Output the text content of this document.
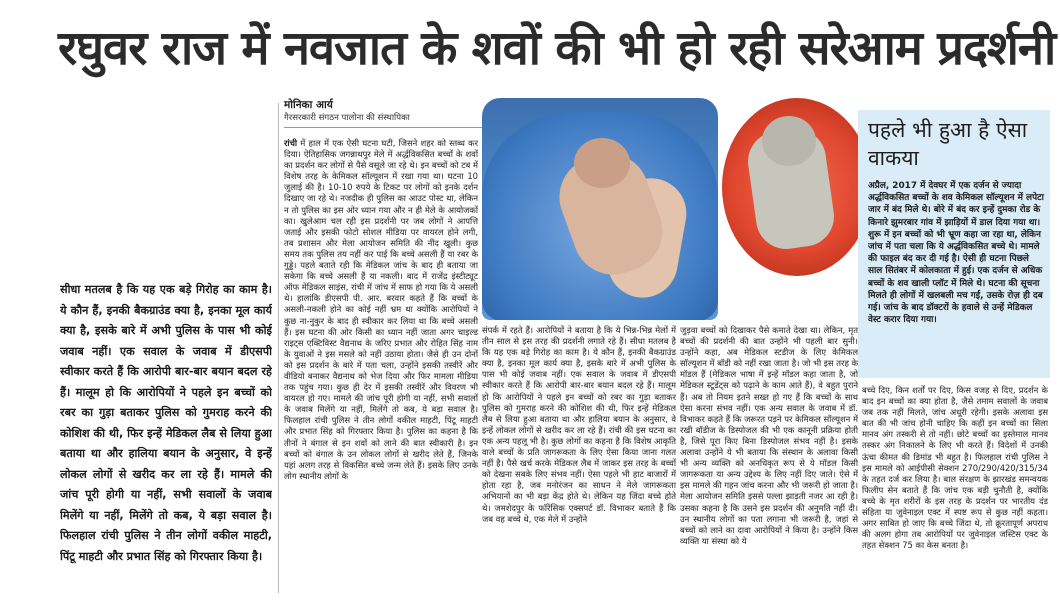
रघुवर राज में नवजात के शवों की भी हो रही सरेआम प्रदर्शनी
सीधा मतलब है कि यह एक बड़े गिरोह का काम है। ये कौन हैं, इनकी बैकग्राउंड क्या है, इनका मूल कार्य क्या है, इसके बारे में अभी पुलिस के पास भी कोई जवाब नहीं। एक सवाल के जवाब में डीएसपी स्वीकार करते हैं कि आरोपी बार-बार बयान बदल रहे हैं। मालूम हो कि आरोपियों ने पहले इन बच्चों को रबर का गुड़ा बताकर पुलिस को गुमराह करने की कोशिश की थी, फिर इन्हें मेडिकल लैब से लिया हुआ बताया था और हालिया बयान के अनुसार, वे इन्हें लोकल लोगों से खरीद कर ला रहे हैं। मामले की जांच पूरी होगी या नहीं, सभी सवालों के जवाब मिलेंगे या नहीं, मिलेंगे तो कब, ये बड़ा सवाल है। फिलहाल रांची पुलिस ने तीन लोगों वकील माहटी, पिंटू माहटी और प्रभात सिंह को गिरफ्तार किया है।
मोनिका आर्य
गैरसरकारी संगठन पालोना की संस्थापिका
रांची में हाल में एक ऐसी घटना घटी, जिसने शहर को स्तब्ध कर दिया। ऐतिहासिक जगन्नाथपुर मेले में अर्द्धविकसित बच्चों के शवों का प्रदर्शन कर लोगों से पैसे वसूले जा रहे थे। इन बच्चों को टब में विशेष तरह के केमिकल सॉल्यूशन में रखा गया था। घटना 10 जुलाई की है। 10-10 रुपये के टिकट पर लोगों को इनके दर्शन दिखाए जा रहे थे। नजदीक ही पुलिस का आउट पोस्ट था, लेकिन न तो पुलिस का इस ओर ध्यान गया और न ही मेले के आयोजकों का। खुलेआम चल रही इस प्रदर्शनी पर जब लोगों ने आपत्ति जताई और इसकी फोटो सोशल मीडिया पर वायरल होने लगी, तब प्रशासन और मेला आयोजन समिति की नींद खुली। कुछ समय तक पुलिस तय नहीं कर पाई कि बच्चे असली हैं या रबर के गुड्डे। पहले बताते रही कि मेडिकल जांच के बाद ही बताया जा सकेगा कि बच्चे असली हैं या नकली। बाद में राजेंद्र इंस्टीट्यूट ऑफ मेडिकल साइंस, रांची में जांच में साफ हो गया कि ये असली थे। हालांकि डीएसपी पी. आर. बरवार कहते हैं कि बच्चों के असली-नकली होने का कोई नहीं भ्रम था क्योंकि आरोपियों ने कुछ ना-नुकुर के बाद ही स्वीकार कर लिया था कि बच्चे असली हैं। इस घटना की ओर किसी का ध्यान नहीं जाता अगर चाइल्ड राइट्स एक्टिविस्ट वैद्यनाथ के जरिए प्रभात और रोहित सिंह नाम के युवाओं ने इस मसले को नहीं उठाया होता। जैसे ही उन दोनों को इस प्रदर्शन के बारे में पता चला, उन्होंने इसकी तस्वीरें और वीडियो बनाकर वैद्यनाथ को भेज दिया और फिर मामला मीडिया तक पहुंच गया। कुछ ही देर में इसकी तस्वीरें और विवरण भी वायरल हो गए। मामले की जांच पूरी होगी या नहीं, सभी सवालों के जवाब मिलेंगे या नहीं, मिलेंगे तो कब, ये बड़ा सवाल है। फिलहाल रांची पुलिस ने तीन लोगों वकील माहटी, पिंटू माहटी और प्रभात सिंह को गिरफ्तार किया है। पुलिस का कहना है कि तीनों ने बंगाल से इन शवों को लाने की बात स्वीकारी है। इन बच्चों को बंगाल के उन लोकल लोगों से खरीद लेते हैं, जिनके यहां अलग तरह से विकसित बच्चे जन्म लेते हैं। इसके लिए उनके लोग स्थानीय लोगों के
पहले भी हुआ है ऐसा वाकया
अप्रैल, 2017 में देवघर में एक दर्जन से ज्यादा अर्द्धविकसित बच्चों के शव केमिकल सॉल्यूशन में लपेटा जार में बंद मिले थे। बोरे में बंद कर इन्हें दुमका रोड के किनारे झुमरबार गांव में झाड़ियों में डाल दिया गया था। शुरू में इन बच्चों को भी भ्रूण कहा जा रहा था, लेकिन जांच में पता चला कि ये अर्द्धविकसित बच्चे थे। मामले की फाइल बंद कर दी गई है। ऐसी ही घटना पिछले साल सितंबर में कोलकाता में हुई। एक दर्जन से अधिक बच्चों के शव खाली प्लॉट में मिले थे। घटना की सूचना मिलते ही लोगों में खलबली मच गई, उसके रोज़ ही दब गई। जांच के बाद डॉक्टरों के हवाले से उन्हें मेडिकल वेस्ट करार दिया गया।
संपर्क में रहते हैं। आरोपियों ने बताया है कि ये भिन्न-भिन्न मेलों में तीन साल से इस तरह की प्रदर्शनी लगाते रहे हैं। सीधा मतलब है कि यह एक बड़े गिरोह का काम है। ये कौन हैं, इनकी बैकग्राउंड क्या है, इनका मूल कार्य क्या है, इसके बारे में अभी पुलिस के पास भी कोई जवाब नहीं। एक सवाल के जवाब में डीएसपी स्वीकार करते हैं कि आरोपी बार-बार बयान बदल रहे हैं। मालूम हो कि आरोपियों ने पहले इन बच्चों को रबर का गुड़ा बताकर पुलिस को गुमराह करने की कोशिश की थी, फिर इन्हें मेडिकल लैब से लिया हुआ बताया था और हालिया बयान के अनुसार, वे इन्हें लोकल लोगों से खरीद कर ला रहे हैं। रांची की इस घटना का एक अन्य पहलू भी है। कुछ लोगों का कहना है कि विशेष आकृति वाले बच्चों के प्रति जागरूकता के लिए ऐसा किया जाना गलत नहीं है। पैसे खर्च करके मेडिकल लैब में जाकर इस तरह के बच्चों को देखना सबके लिए संभव नहीं। ऐसा पहले भी हाट बाजारों में होता रहा है, जब मनोरंजन का साधन ने मेले जागरूकता अभियानों का भी बड़ा केंद्र होते थे। लेकिन यह जिंदा बच्चे होते थे। जमशेदपुर के फॉरेंसिक एक्सपर्ट डॉ. विभाकर बताते हैं कि जब वह बच्चे थे, एक मेले में उन्होंने
जुड़वा बच्चों को दिखाकर पैसे कमाते देखा था। लेकिन, मृत बच्चों की प्रदर्शनी की बात उन्होंने भी पहली बार सुनी। उन्होंने कहा, अब मेडिकल स्टडीज के लिए केमिकल सॉल्यूशन में बॉडी को नहीं रखा जाता है। जो भी इस तरह के मॉडल हैं (मेडिकल भाषा में इन्हें मॉडल कहा जाता है, जो मेडिकल स्टूडेंट्स को पढ़ाने के काम आते हैं), वे बहुत पुराने हैं। अब तो नियम इतने सख्त हो गए हैं कि बच्चों के साथ ऐसा करना संभव नहीं। एक अन्य सवाल के जवाब में डॉ. विभाकर कहते हैं कि जरूरत पड़ने पर केमिकल सॉल्यूशन में रखी बॉडीज के डिस्पोजल की भी एक कानूनी प्रक्रिया होती है, जिसे पूरा किए बिना डिस्पोजल संभव नहीं है। इसके अलावा उन्होंने ये भी बताया कि संस्थान के अलावा किसी भी अन्य व्यक्ति को अनधिकृत रूप से ये मॉडल किसी जागरूकता या अन्य उद्देश्य के लिए नहीं दिए जाते। ऐसे में इस मामले की गहन जांच करना और भी जरूरी हो जाता है। मेला आयोजन समिति इससे पल्ला झाड़ती नजर आ रही है। उसका कहना है कि उसने इस प्रदर्शन की अनुमति नहीं दी। उन स्थानीय लोगों का पता लगाना भी जरूरी है, जहां से बच्चों को लाने का दावा आरोपियों ने किया है। उन्होंने किस व्यक्ति या संस्था को ये
बच्चे दिए, किन शर्तों पर दिए, किस वजह से दिए, प्रदर्शन के बाद इन बच्चों का क्या होता है, जैसे तमाम सवालों के जवाब जब तक नहीं मिलते, जांच अधूरी रहेगी। इसके अलावा इस बात की भी जांच होनी चाहिए कि कहीं इन बच्चों का सिला मानव अंग तस्करी से तो नहीं। छोटे बच्चों का इस्तेमाल मानव तस्कर अंग निकालने के लिए भी करते हैं। विदेशों में उनकी ऊंचा कीमत की डिमांड भी बहुत है। फिलहाल रांची पुलिस ने इस मामले को आईपीसी सेक्शन 270/290/420/315/34 के तहत दर्ज कर लिया है। बाल संरक्षण के झारखंड समन्वयक फिलीप सेन बताते हैं कि जांच एक बड़ी चुनौती है, क्योंकि बच्चे के मृत शरीरों के इस तरह के प्रदर्शन पर भारतीय दंड संहिता या जुवेनाइल एक्ट में स्पष्ट रूप से कुछ नहीं कहता। अगर साबित हो जाए कि बच्चे जिंदा थे, तो क्रूरतापूर्ण अपराध की अलग होगा तब आरोपियों पर जुवेनाइल जस्टिस एक्ट के तहत सेक्शन 75 का केस बनता है।
